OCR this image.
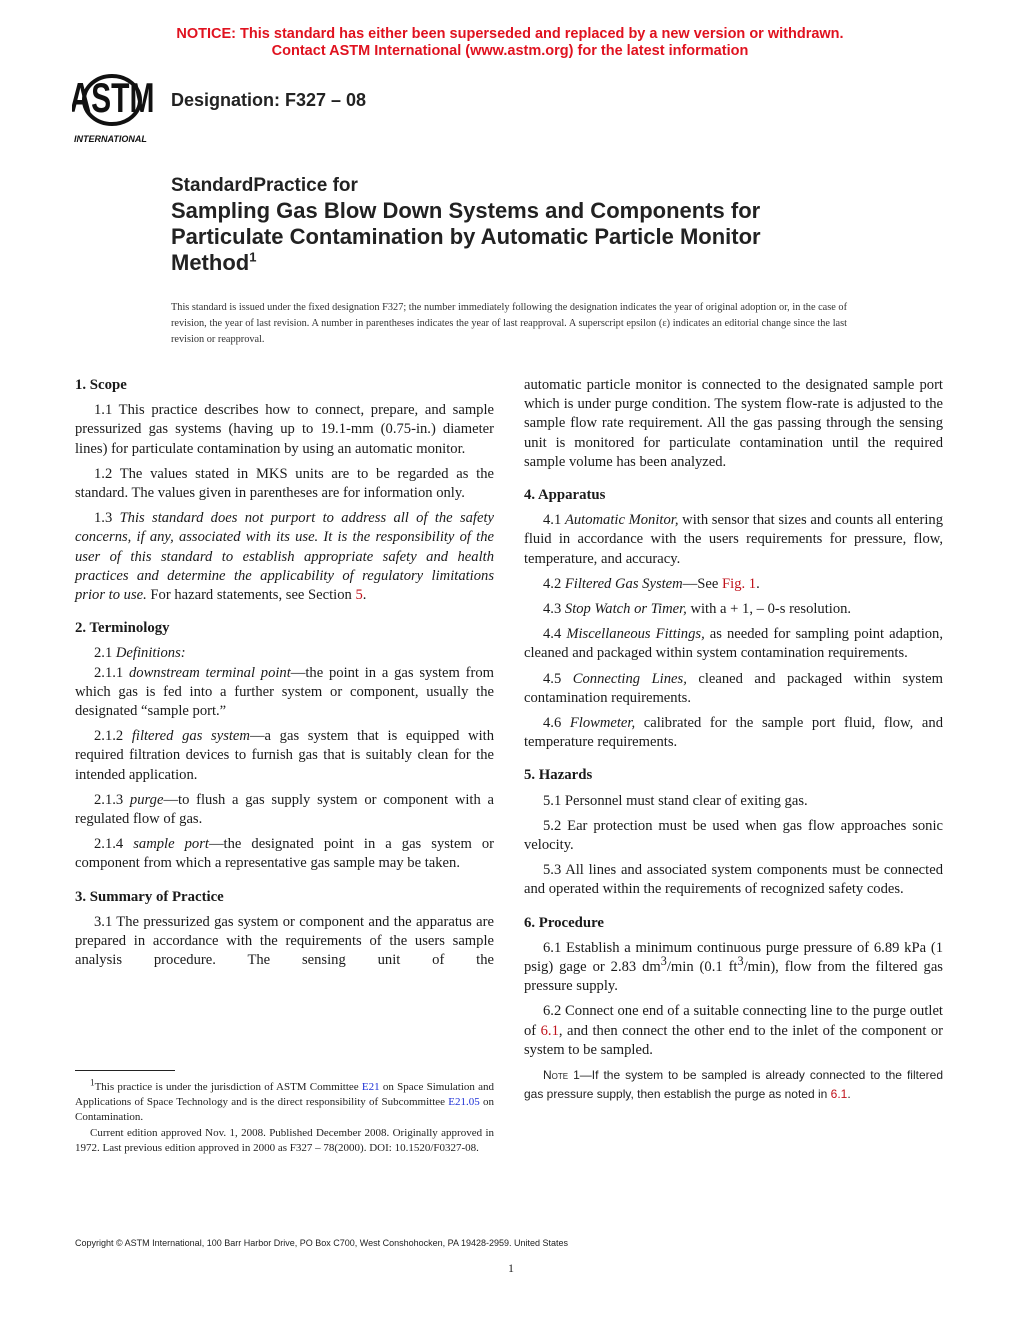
NOTICE: This standard has either been superseded and replaced by a new version or withdrawn.
Contact ASTM International (www.astm.org) for the latest information
ASTM
INTERNATIONAL
Designation: F327 – 08
StandardPractice for
Sampling Gas Blow Down Systems and Components for
Particulate Contamination by Automatic Particle Monitor
Method$^1$
This standard is issued under the fixed designation F327; the number immediately following the designation indicates the year of original adoption or, in the case of revision, the year of last revision. A number in parentheses indicates the year of last reapproval. A superscript epsilon (ε) indicates an editorial change since the last revision or reapproval.
1. Scope
1.1 This practice describes how to connect, prepare, and sample pressurized gas systems (having up to 19.1-mm (0.75-in.) diameter lines) for particulate contamination by using an automatic monitor.
1.2 The values stated in MKS units are to be regarded as the standard. The values given in parentheses are for information only.
1.3 This standard does not purport to address all of the safety concerns, if any, associated with its use. It is the responsibility of the user of this standard to establish appropriate safety and health practices and determine the applicability of regulatory limitations prior to use. For hazard statements, see Section 5.
2. Terminology
2.1 Definitions:
2.1.1 downstream terminal point—the point in a gas system from which gas is fed into a further system or component, usually the designated “sample port.”
2.1.2 filtered gas system—a gas system that is equipped with required filtration devices to furnish gas that is suitably clean for the intended application.
2.1.3 purge—to flush a gas supply system or component with a regulated flow of gas.
2.1.4 sample port—the designated point in a gas system or component from which a representative gas sample may be taken.
3. Summary of Practice
3.1 The pressurized gas system or component and the apparatus are prepared in accordance with the requirements of the users sample analysis procedure. The sensing unit of the
$^1$This practice is under the jurisdiction of ASTM Committee E21 on Space Simulation and Applications of Space Technology and is the direct responsibility of Subcommittee E21.05 on Contamination.
Current edition approved Nov. 1, 2008. Published December 2008. Originally approved in 1972. Last previous edition approved in 2000 as F327 – 78(2000). DOI: 10.1520/F0327-08.
automatic particle monitor is connected to the designated sample port which is under purge condition. The system flow-rate is adjusted to the sample flow rate requirement. All the gas passing through the sensing unit is monitored for particulate contamination until the required sample volume has been analyzed.
4. Apparatus
4.1 Automatic Monitor, with sensor that sizes and counts all entering fluid in accordance with the users requirements for pressure, flow, temperature, and accuracy.
4.2 Filtered Gas System—See Fig. 1.
4.3 Stop Watch or Timer, with a + 1, – 0-s resolution.
4.4 Miscellaneous Fittings, as needed for sampling point adaption, cleaned and packaged within system contamination requirements.
4.5 Connecting Lines, cleaned and packaged within system contamination requirements.
4.6 Flowmeter, calibrated for the sample port fluid, flow, and temperature requirements.
5. Hazards
5.1 Personnel must stand clear of exiting gas.
5.2 Ear protection must be used when gas flow approaches sonic velocity.
5.3 All lines and associated system components must be connected and operated within the requirements of recognized safety codes.
6. Procedure
6.1 Establish a minimum continuous purge pressure of 6.89 kPa (1 psig) gage or 2.83 $dm^3/\min$ (0.1 $ft^3/\min$), flow from the filtered gas pressure supply.
6.2 Connect one end of a suitable connecting line to the purge outlet of 6.1, and then connect the other end to the inlet of the component or system to be sampled.
Note 1—If the system to be sampled is already connected to the filtered gas pressure supply, then establish the purge as noted in 6.1.
Copyright © ASTM International, 100 Barr Harbor Drive, PO Box C700, West Conshohocken, PA 19428-2959. United States
1
